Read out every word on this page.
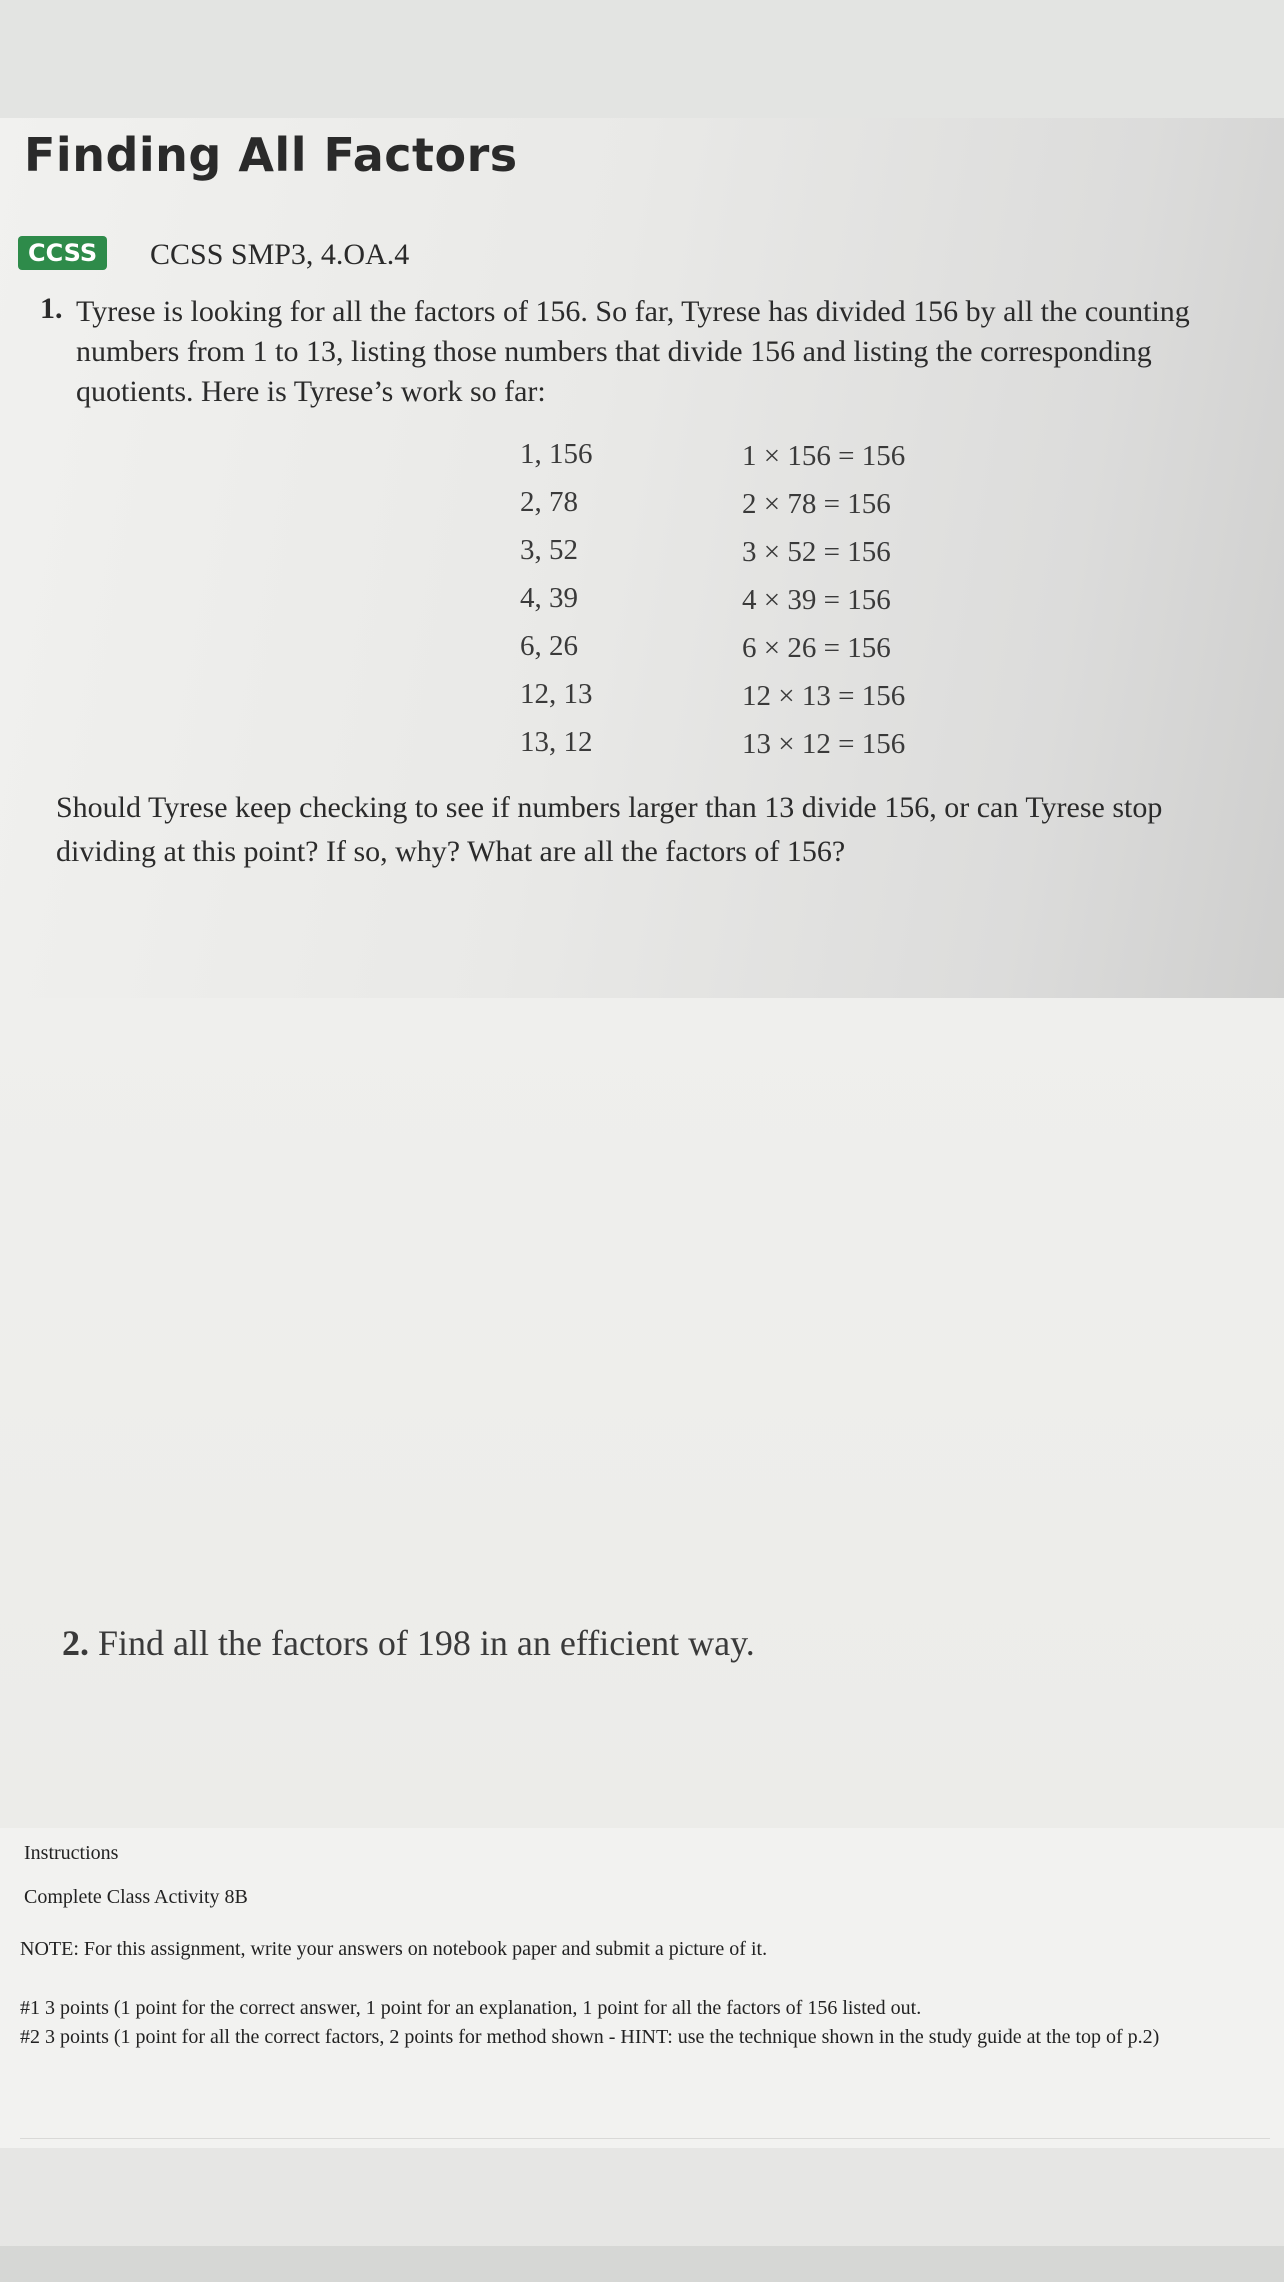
Finding All Factors
CCSS	CCSS SMP3, 4.OA.4
1. Tyrese is looking for all the factors of 156. So far, Tyrese has divided 156 by all the counting numbers from 1 to 13, listing those numbers that divide 156 and listing the corresponding quotients. Here is Tyrese’s work so far:

1, 156	1 × 156 = 156
2, 78	2 × 78 = 156
3, 52	3 × 52 = 156
4, 39	4 × 39 = 156
6, 26	6 × 26 = 156
12, 13	12 × 13 = 156
13, 12	13 × 12 = 156

Should Tyrese keep checking to see if numbers larger than 13 divide 156, or can Tyrese stop dividing at this point? If so, why? What are all the factors of 156?

2. Find all the factors of 198 in an efficient way.
Instructions
Complete Class Activity 8B
NOTE: For this assignment, write your answers on notebook paper and submit a picture of it.

#1 3 points (1 point for the correct answer, 1 point for an explanation, 1 point for all the factors of 156 listed out.

#2 3 points (1 point for all the correct factors, 2 points for method shown - HINT: use the technique shown in the study guide at the top of p.2)
